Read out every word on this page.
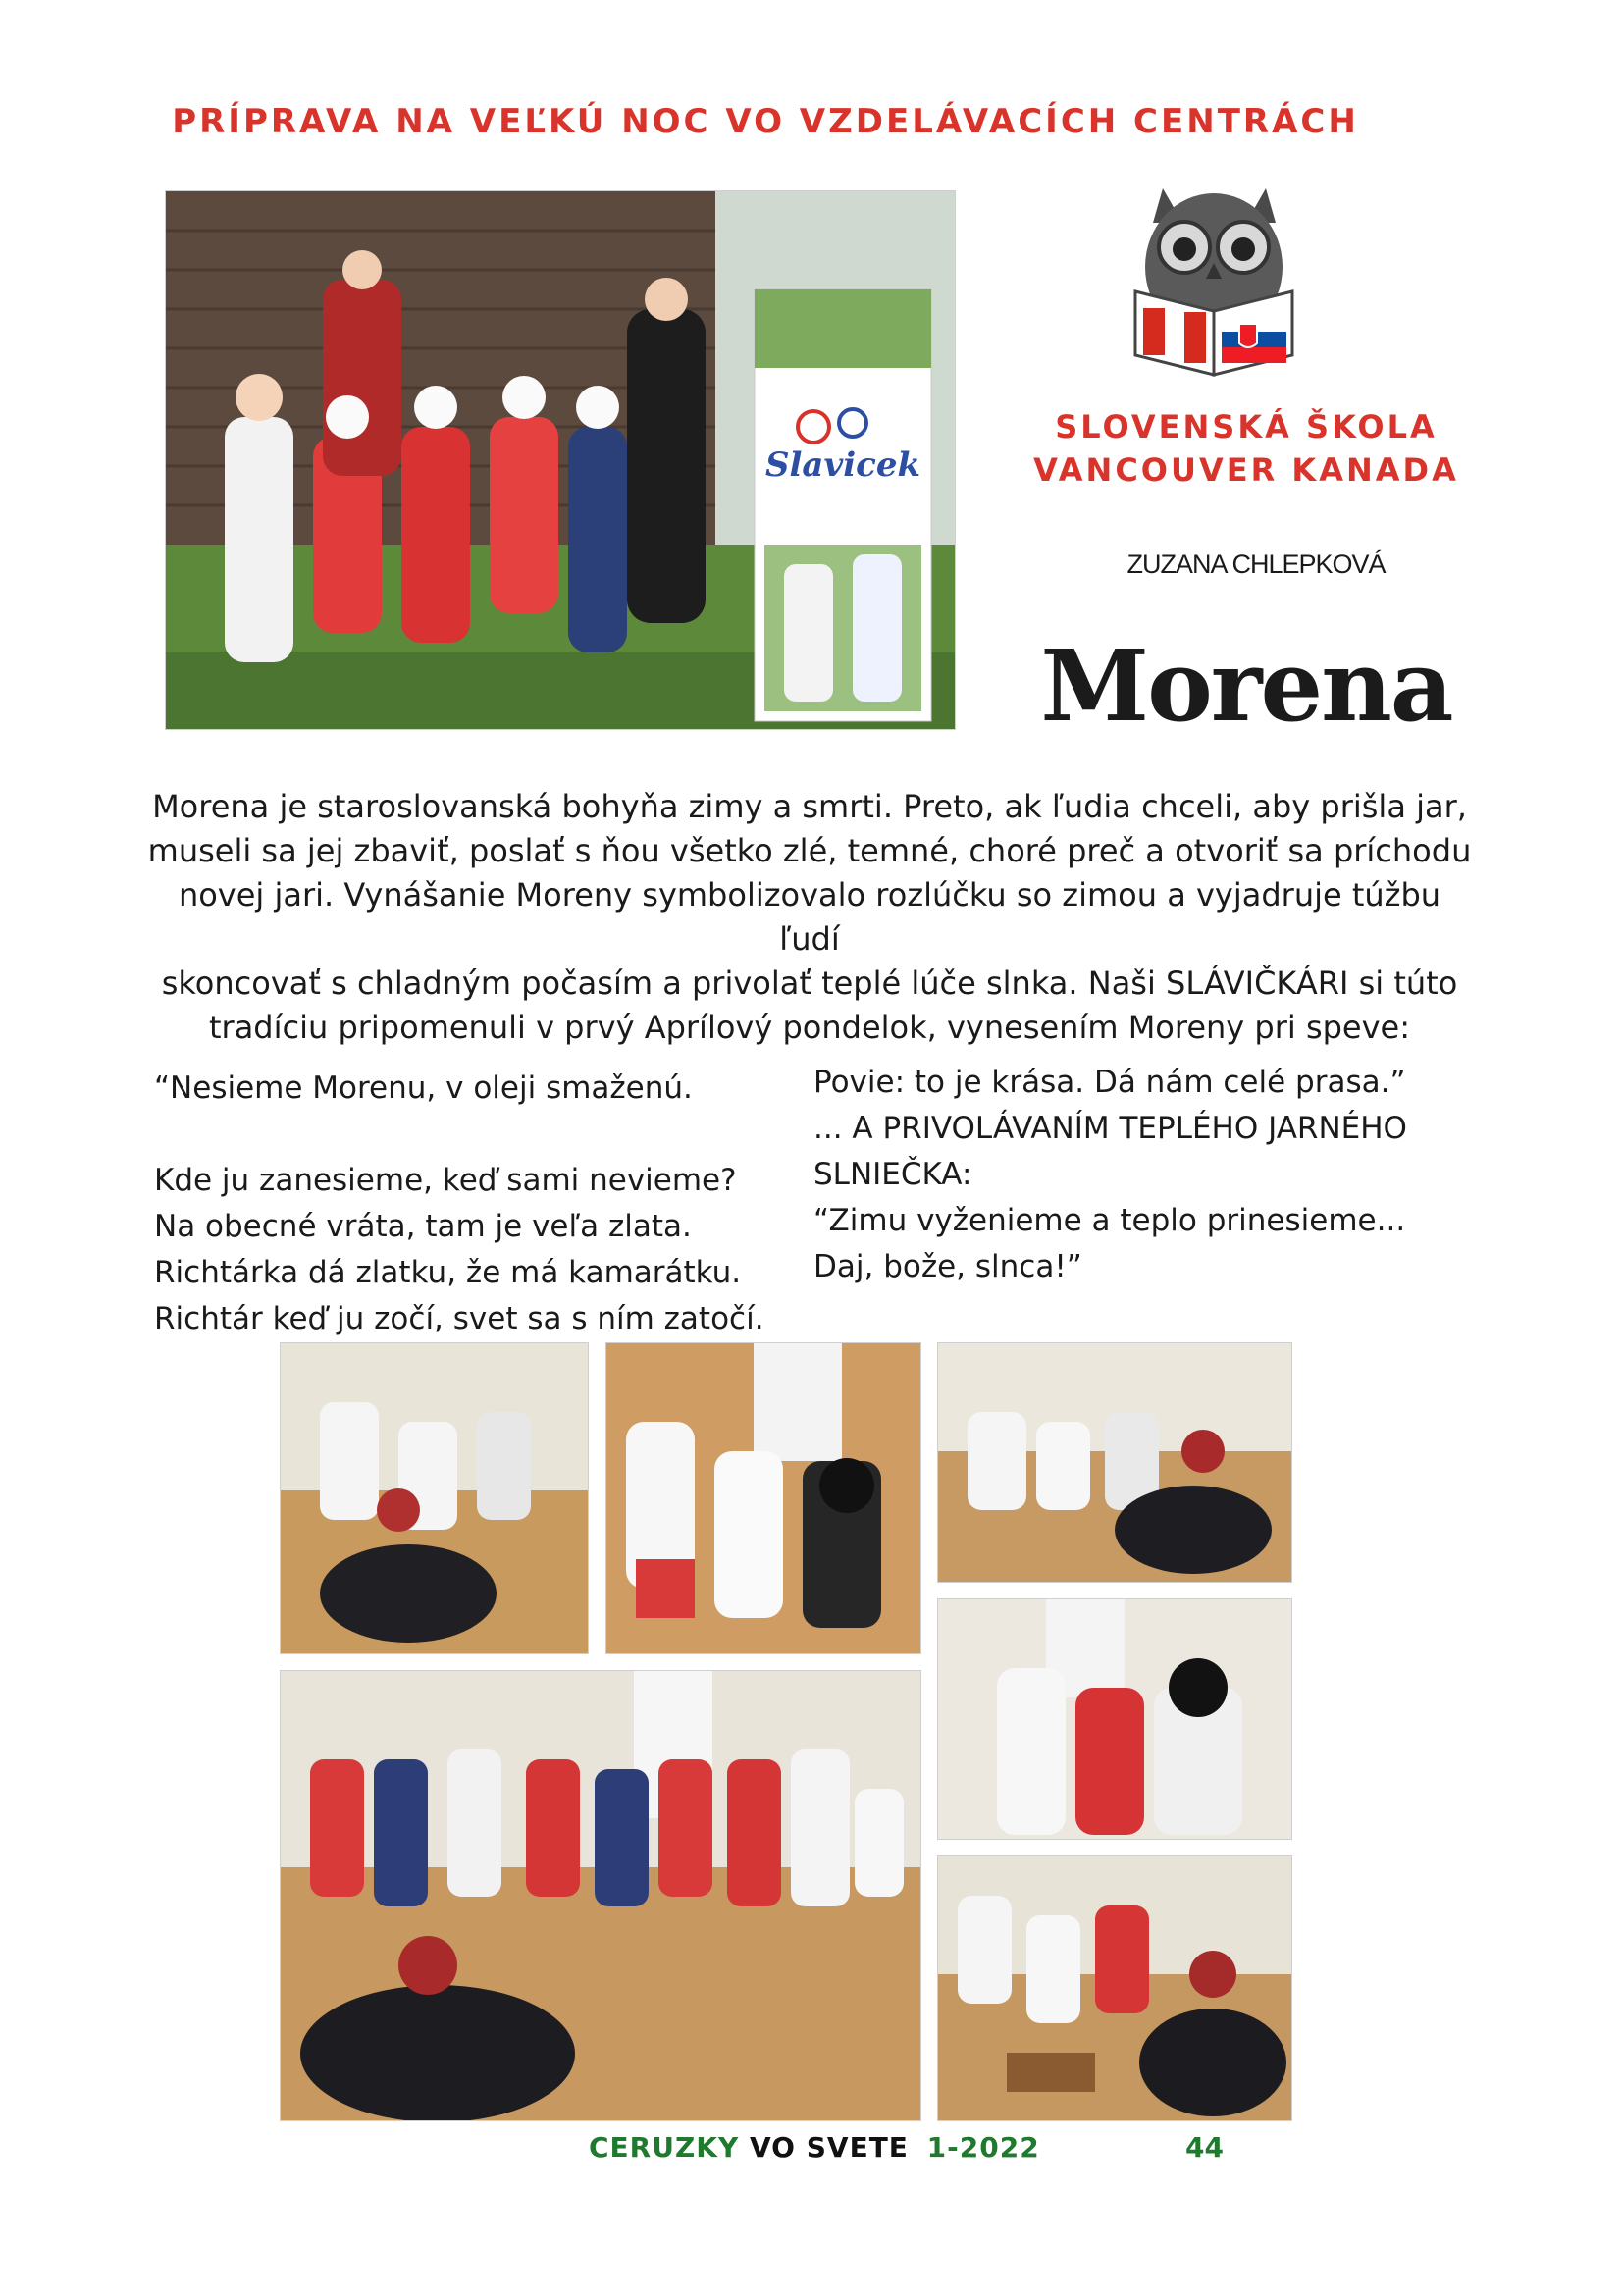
PRÍPRAVA NA VEĽKÚ NOC VO VZDELÁVACÍCH CENTRÁCH
Slavicek
SLOVENSKÁ ŠKOLA
VANCOUVER KANADA
ZUZANA CHLEPKOVÁ
Morena
Morena je staroslovanská bohyňa zimy a smrti. Preto, ak ľudia chceli, aby prišla jar,
museli sa jej zbaviť, poslať s ňou všetko zlé, temné, choré preč a otvoriť sa príchodu
novej jari. Vynášanie Moreny symbolizovalo rozlúčku so zimou a vyjadruje túžbu ľudí
skoncovať s chladným počasím a privolať teplé lúče slnka. Naši SLÁVIČKÁRI si túto
tradíciu pripomenuli v prvý Aprílový pondelok, vynesením Moreny pri speve:

“Nesieme Morenu, v oleji smaženú.

Kde ju zanesieme, keď sami nevieme?

Na obecné vráta, tam je veľa zlata.

Richtárka dá zlatku, že má kamarátku.

Richtár keď ju zočí, svet sa s ním zatočí.

Povie: to je krása. Dá nám celé prasa.”

... A PRIVOLÁVANÍM TEPLÉHO JARNÉHO

SLNIEČKA:

“Zimu vyženieme a teplo prinesieme...

Daj, bože, slnca!”

CERUZKY VO SVETE 1-2022	44
